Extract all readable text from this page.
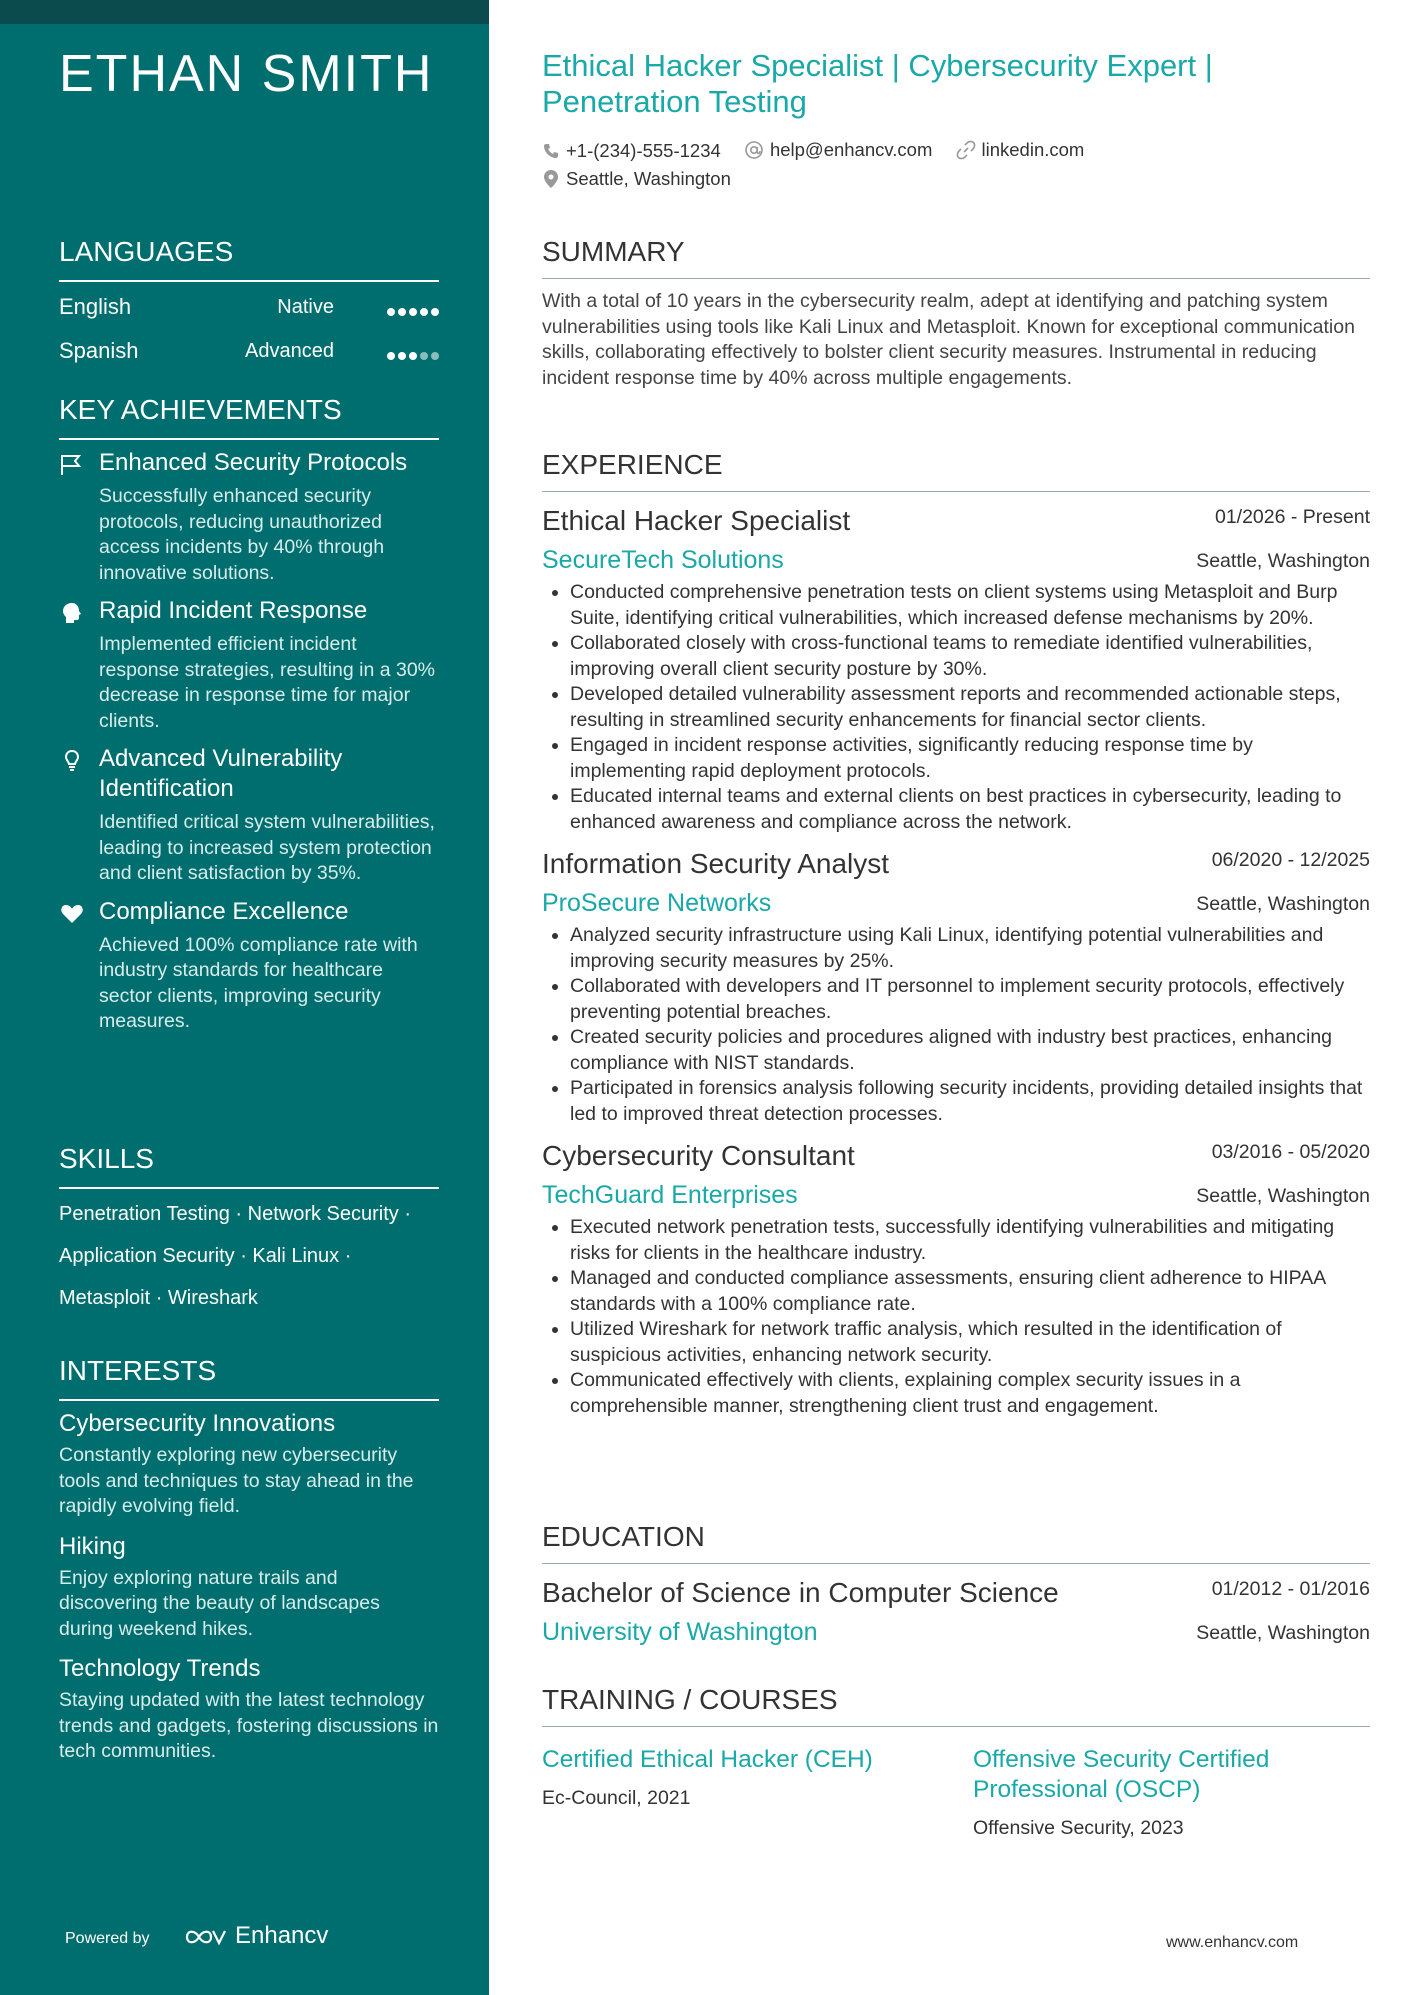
ETHAN SMITH
LANGUAGES
English	Native
Spanish	Advanced
KEY ACHIEVEMENTS
Enhanced Security Protocols
Successfully enhanced security protocols, reducing unauthorized access incidents by 40% through innovative solutions.
Rapid Incident Response
Implemented efficient incident response strategies, resulting in a 30% decrease in response time for major clients.
Advanced Vulnerability Identification
Identified critical system vulnerabilities, leading to increased system protection and client satisfaction by 35%.
Compliance Excellence
Achieved 100% compliance rate with industry standards for healthcare sector clients, improving security measures.
SKILLS
Penetration Testing · Network Security ·
Application Security · Kali Linux ·
Metasploit · Wireshark
INTERESTS
Cybersecurity Innovations
Constantly exploring new cybersecurity tools and techniques to stay ahead in the rapidly evolving field.
Hiking
Enjoy exploring nature trails and discovering the beauty of landscapes during weekend hikes.
Technology Trends
Staying updated with the latest technology trends and gadgets, fostering discussions in tech communities.
Powered by	Enhancv
Ethical Hacker Specialist | Cybersecurity Expert | Penetration Testing
+1-(234)-555-1234
	help@enhancv.com
	linkedin.com

Seattle, Washington
SUMMARY
With a total of 10 years in the cybersecurity realm, adept at identifying and patching system vulnerabilities using tools like Kali Linux and Metasploit. Known for exceptional communication skills, collaborating effectively to bolster client security measures. Instrumental in reducing incident response time by 40% across multiple engagements.
EXPERIENCE
Ethical Hacker Specialist	01/2026 - Present
SecureTech Solutions	Seattle, Washington
• Conducted comprehensive penetration tests on client systems using Metasploit and Burp Suite, identifying critical vulnerabilities, which increased defense mechanisms by 20%.
• Collaborated closely with cross-functional teams to remediate identified vulnerabilities, improving overall client security posture by 30%.
• Developed detailed vulnerability assessment reports and recommended actionable steps, resulting in streamlined security enhancements for financial sector clients.
• Engaged in incident response activities, significantly reducing response time by implementing rapid deployment protocols.
• Educated internal teams and external clients on best practices in cybersecurity, leading to enhanced awareness and compliance across the network.
Information Security Analyst	06/2020 - 12/2025
ProSecure Networks	Seattle, Washington
• Analyzed security infrastructure using Kali Linux, identifying potential vulnerabilities and improving security measures by 25%.
• Collaborated with developers and IT personnel to implement security protocols, effectively preventing potential breaches.
• Created security policies and procedures aligned with industry best practices, enhancing compliance with NIST standards.
• Participated in forensics analysis following security incidents, providing detailed insights that led to improved threat detection processes.
Cybersecurity Consultant	03/2016 - 05/2020
TechGuard Enterprises	Seattle, Washington
• Executed network penetration tests, successfully identifying vulnerabilities and mitigating risks for clients in the healthcare industry.
• Managed and conducted compliance assessments, ensuring client adherence to HIPAA standards with a 100% compliance rate.
• Utilized Wireshark for network traffic analysis, which resulted in the identification of suspicious activities, enhancing network security.
• Communicated effectively with clients, explaining complex security issues in a comprehensible manner, strengthening client trust and engagement.
EDUCATION
Bachelor of Science in Computer Science	01/2012 - 01/2016
University of Washington	Seattle, Washington
TRAINING / COURSES
Certified Ethical Hacker (CEH)
Ec-Council, 2021
Offensive Security Certified Professional (OSCP)
Offensive Security, 2023
www.enhancv.com
